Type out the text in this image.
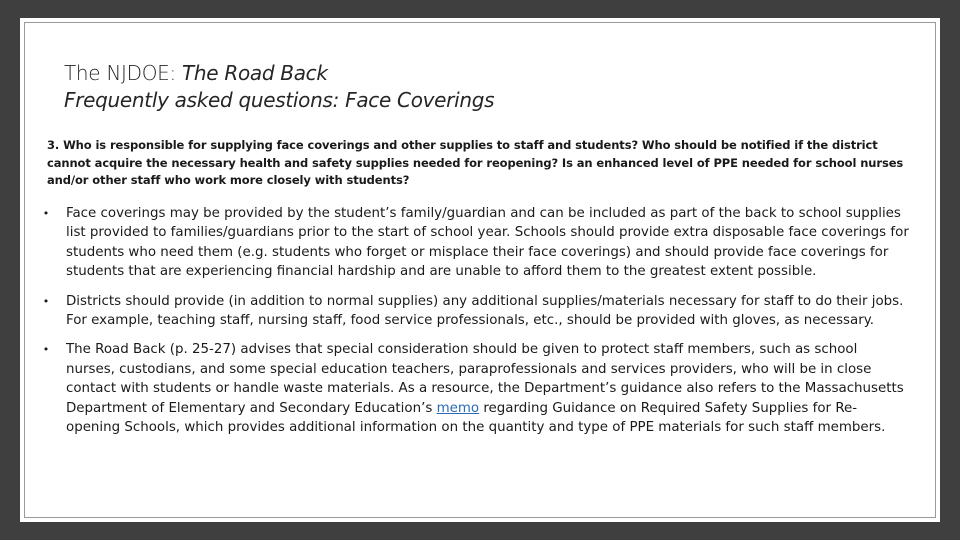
The NJDOE: The Road Back
Frequently asked questions: Face Coverings
3. Who is responsible for supplying face coverings and other supplies to staff and students? Who should be notified if the district cannot acquire the necessary health and safety supplies needed for reopening? Is an enhanced level of PPE needed for school nurses and/or other staff who work more closely with students?
• Face coverings may be provided by the student’s family/guardian and can be included as part of the back to school supplies list provided to families/guardians prior to the start of school year. Schools should provide extra disposable face coverings for students who need them (e.g. students who forget or misplace their face coverings) and should provide face coverings for students that are experiencing financial hardship and are unable to afford them to the greatest extent possible.
• Districts should provide (in addition to normal supplies) any additional supplies/materials necessary for staff to do their jobs. For example, teaching staff, nursing staff, food service professionals, etc., should be provided with gloves, as necessary.
• The Road Back (p. 25-27) advises that special consideration should be given to protect staff members, such as school nurses, custodians, and some special education teachers, paraprofessionals and services providers, who will be in close contact with students or handle waste materials. As a resource, the Department’s guidance also refers to the Massachusetts Department of Elementary and Secondary Education’s memo regarding Guidance on Required Safety Supplies for Re-opening Schools, which provides additional information on the quantity and type of PPE materials for such staff members.
